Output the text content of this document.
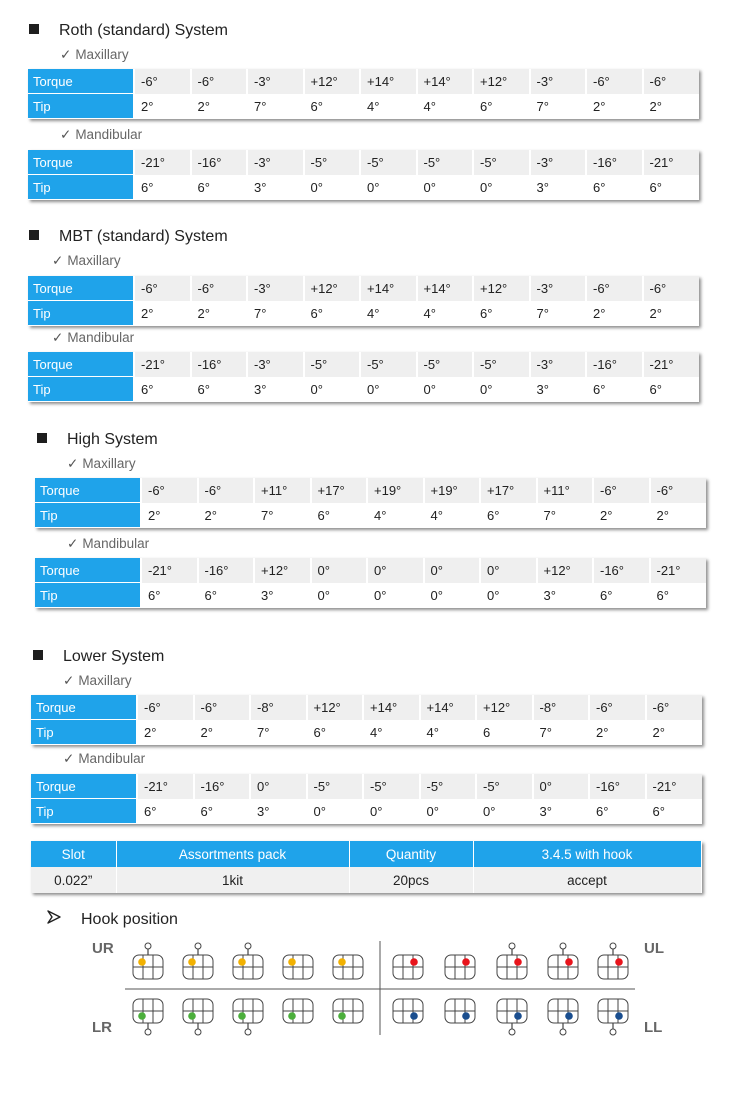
Roth (standard) System
✓ Maxillary
✓ Mandibular
MBT (standard) System
✓ Maxillary
✓ Mandibular
High System
✓ Maxillary
✓ Mandibular
Lower System
✓ Maxillary
✓ Mandibular
Torque	-6°	-6°	-3°	+12°	+14°	+14°	+12°	-3°	-6°	-6°
Tip	2°	2°	7°	6°	4°	4°	6°	7°	2°	2°
Torque	-21°	-16°	-3°	-5°	-5°	-5°	-5°	-3°	-16°	-21°
Tip	6°	6°	3°	0°	0°	0°	0°	3°	6°	6°
Torque	-6°	-6°	-3°	+12°	+14°	+14°	+12°	-3°	-6°	-6°
Tip	2°	2°	7°	6°	4°	4°	6°	7°	2°	2°
Torque	-21°	-16°	-3°	-5°	-5°	-5°	-5°	-3°	-16°	-21°
Tip	6°	6°	3°	0°	0°	0°	0°	3°	6°	6°
Torque	-6°	-6°	+11°	+17°	+19°	+19°	+17°	+11°	-6°	-6°
Tip	2°	2°	7°	6°	4°	4°	6°	7°	2°	2°
Torque	-21°	-16°	+12°	0°	0°	0°	0°	+12°	-16°	-21°
Tip	6°	6°	3°	0°	0°	0°	0°	3°	6°	6°
Torque	-6°	-6°	-8°	+12°	+14°	+14°	+12°	-8°	-6°	-6°
Tip	2°	2°	7°	6°	4°	4°	6	7°	2°	2°
Torque	-21°	-16°	0°	-5°	-5°	-5°	-5°	0°	-16°	-21°
Tip	6°	6°	3°	0°	0°	0°	0°	3°	6°	6°
Slot	Assortments pack	Quantity	3.4.5 with hook
0.022”	1kit	20pcs	accept
Hook position
UR	UL
LR	LL
